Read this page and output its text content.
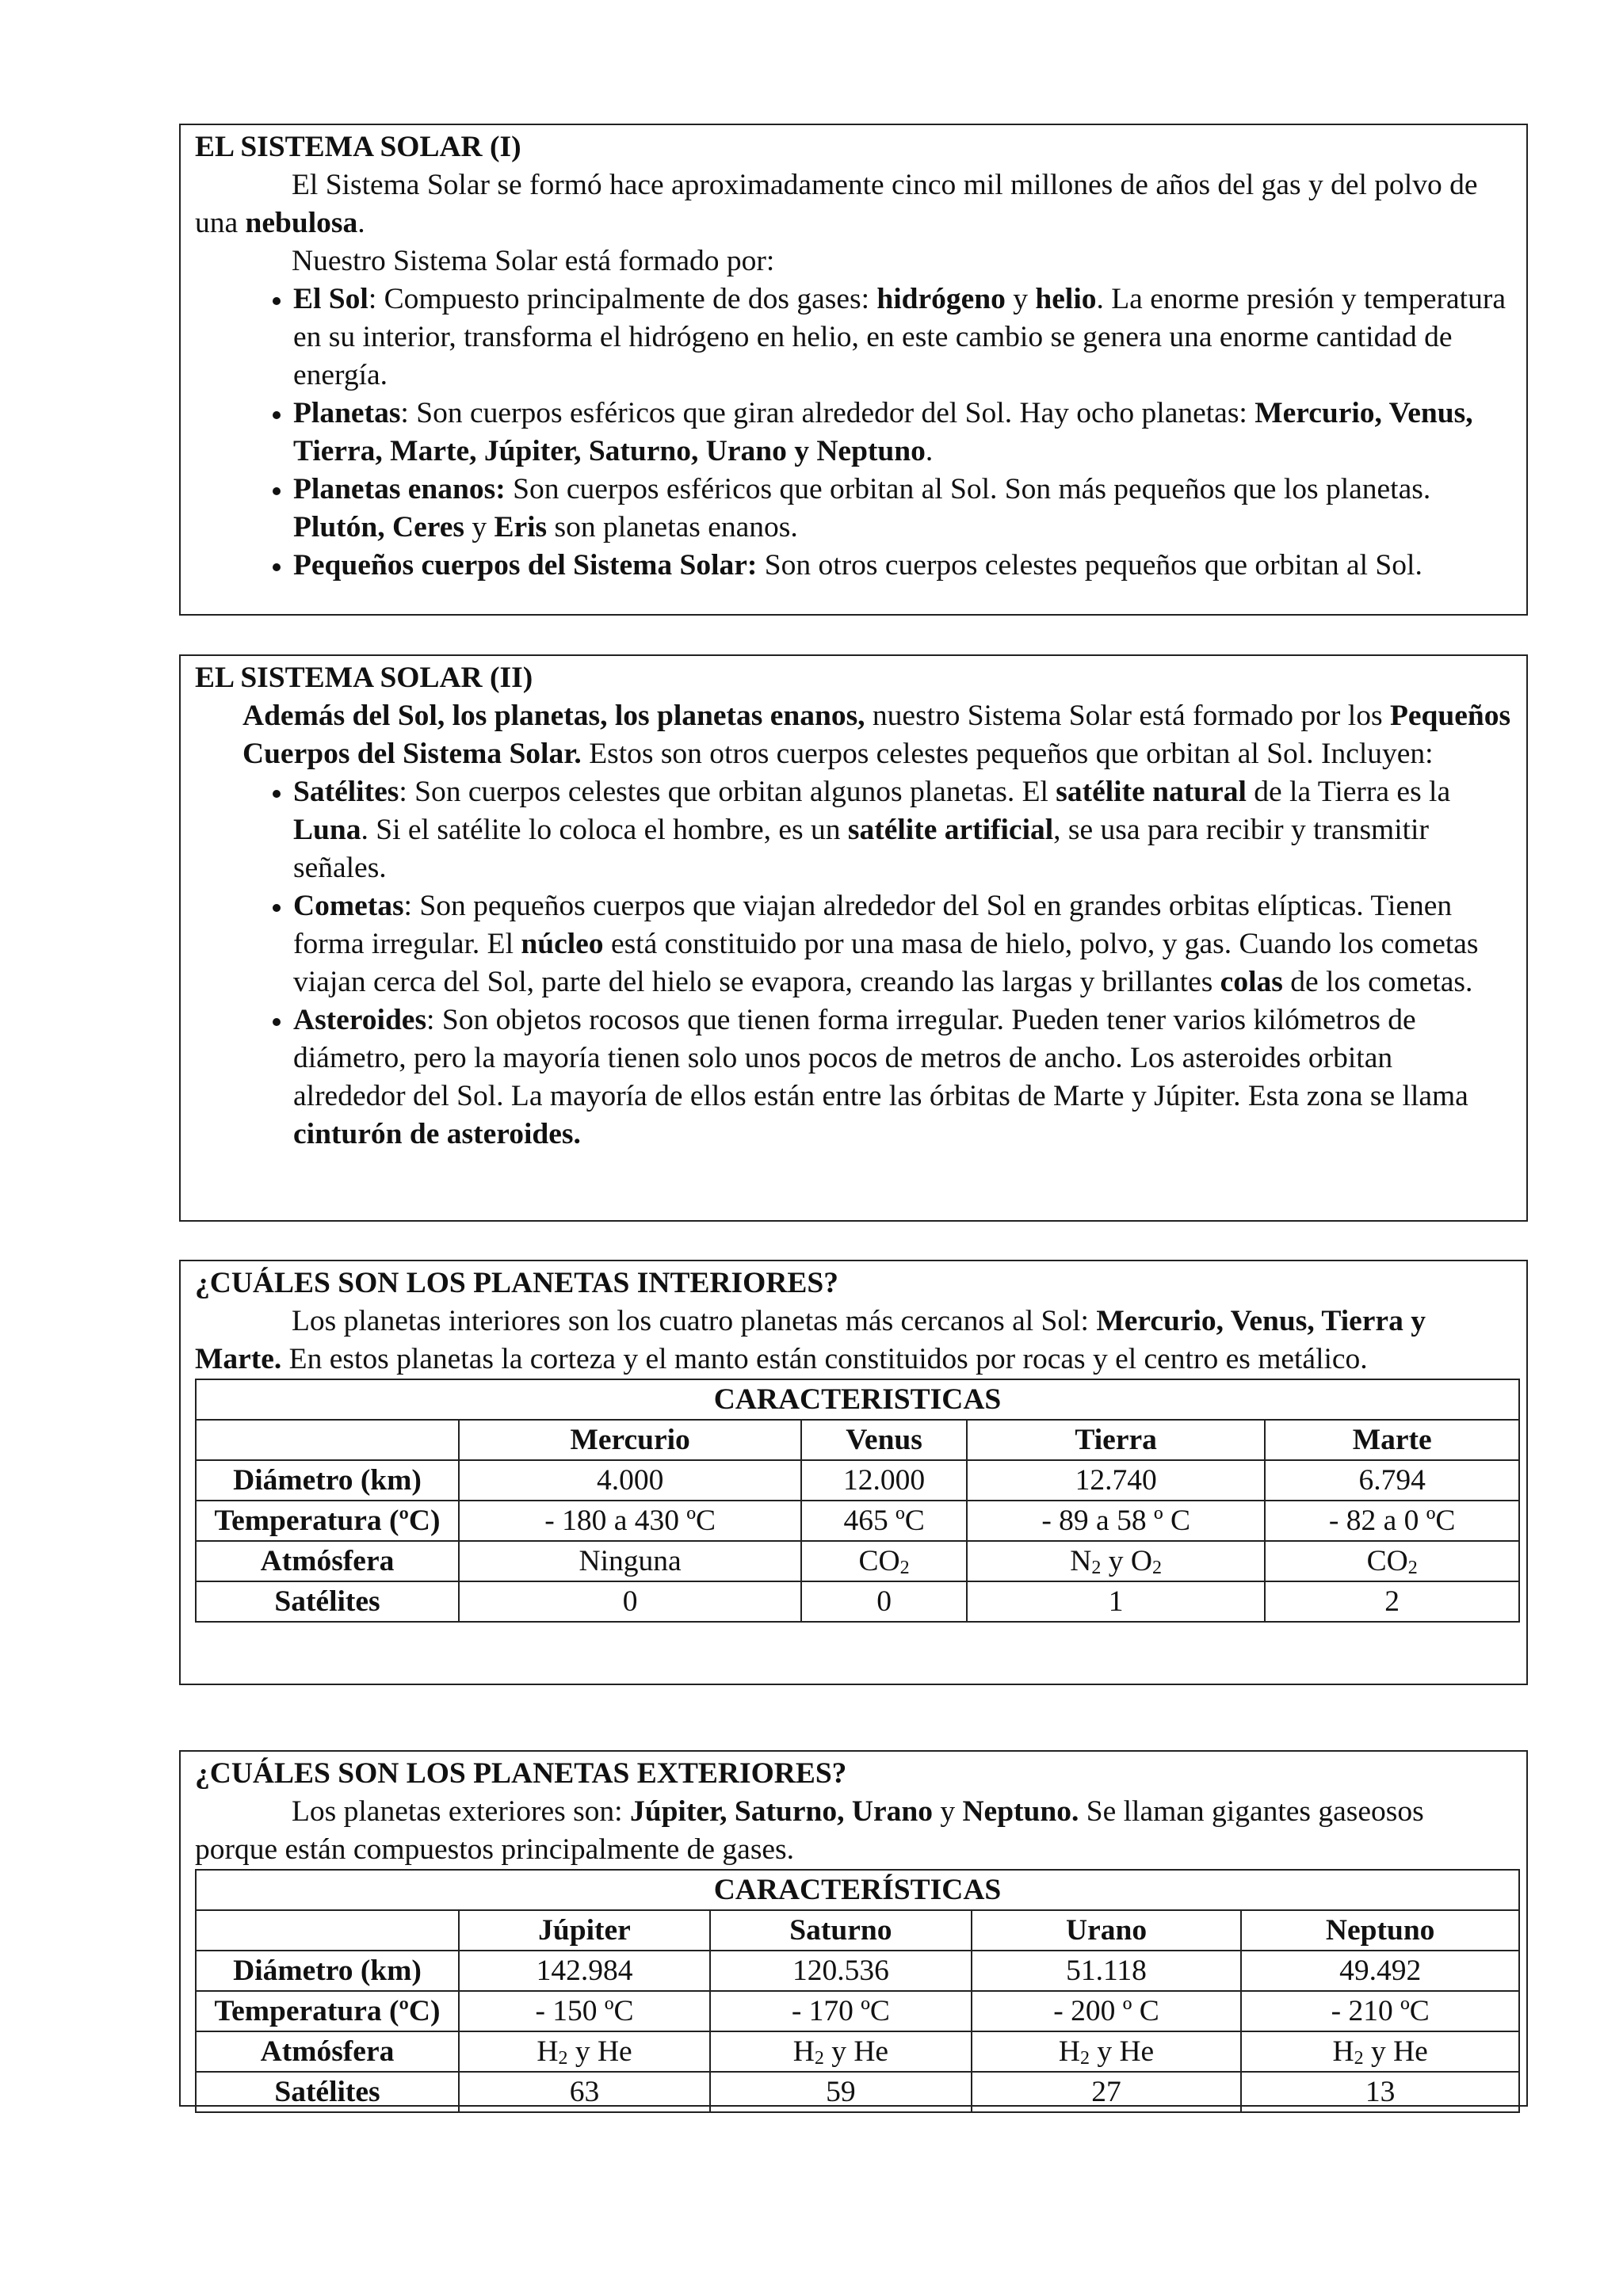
EL SISTEMA SOLAR (I)
El Sistema Solar se formó hace aproximadamente cinco mil millones de años del gas y del polvo de una nebulosa.
Nuestro Sistema Solar está formado por:
• El Sol: Compuesto principalmente de dos gases: hidrógeno y helio. La enorme presión y temperatura en su interior, transforma el hidrógeno en helio, en este cambio se genera una enorme cantidad de energía.
• Planetas: Son cuerpos esféricos que giran alrededor del Sol. Hay ocho planetas: Mercurio, Venus, Tierra, Marte, Júpiter, Saturno, Urano y Neptuno.
• Planetas enanos: Son cuerpos esféricos que orbitan al Sol. Son más pequeños que los planetas. Plutón, Ceres y Eris son planetas enanos.
• Pequeños cuerpos del Sistema Solar: Son otros cuerpos celestes pequeños que orbitan al Sol.
EL SISTEMA SOLAR (II)
Además del Sol, los planetas, los planetas enanos, nuestro Sistema Solar está formado por los Pequeños Cuerpos del Sistema Solar. Estos son otros cuerpos celestes pequeños que orbitan al Sol. Incluyen:
• Satélites: Son cuerpos celestes que orbitan algunos planetas. El satélite natural de la Tierra es la Luna. Si el satélite lo coloca el hombre, es un satélite artificial, se usa para recibir y transmitir señales.
• Cometas: Son pequeños cuerpos que viajan alrededor del Sol en grandes orbitas elípticas. Tienen forma irregular. El núcleo está constituido por una masa de hielo, polvo, y gas. Cuando los cometas viajan cerca del Sol, parte del hielo se evapora, creando las largas y brillantes colas de los cometas.
• Asteroides: Son objetos rocosos que tienen forma irregular. Pueden tener varios kilómetros de diámetro, pero la mayoría tienen solo unos pocos de metros de ancho. Los asteroides orbitan alrededor del Sol. La mayoría de ellos están entre las órbitas de Marte y Júpiter. Esta zona se llama cinturón de asteroides.
¿CUÁLES SON LOS PLANETAS INTERIORES?
Los planetas interiores son los cuatro planetas más cercanos al Sol: Mercurio, Venus, Tierra y Marte. En estos planetas la corteza y el manto están constituidos por rocas y el centro es metálico.
CARACTERISTICAS				
	Mercurio	Venus	Tierra	Marte
Diámetro (km)	4.000	12.000	12.740	6.794
Temperatura (ºC)	- 180 a 430 ºC	465 ºC	- 89 a 58 º C	- 82 a 0 ºC
Atmósfera	Ninguna	$CO_2$	$N_2$ y $O_2$	$CO_2$
Satélites	0	0	1	2
¿CUÁLES SON LOS PLANETAS EXTERIORES?
Los planetas exteriores son: Júpiter, Saturno, Urano y Neptuno. Se llaman gigantes gaseosos porque están compuestos principalmente de gases.
CARACTERÍSTICAS				
	Júpiter	Saturno	Urano	Neptuno
Diámetro (km)	142.984	120.536	51.118	49.492
Temperatura (ºC)	- 150 ºC	- 170 ºC	- 200 º C	- 210 ºC
Atmósfera	$H_2$ y He	$H_2$ y He	$H_2$ y He	$H_2$ y He
Satélites	63	59	27	13
